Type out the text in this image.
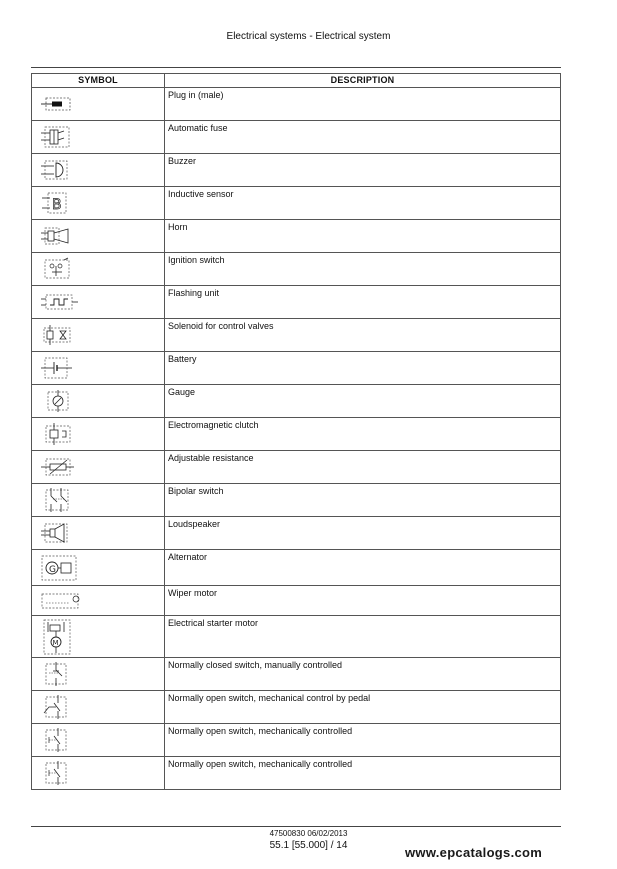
Electrical systems - Electrical system
SYMBOL	DESCRIPTION

	Plug in (male)

	Automatic fuse

	Buzzer

B	Inductive sensor

	Horn

	Ignition switch

	Flashing unit

	Solenoid for control valves

	Battery

	Gauge

	Electromagnetic clutch

	Adjustable resistance

	Bipolar switch

	Loudspeaker

G	Alternator

	Wiper motor

M	Electrical starter motor

	Normally closed switch, manually controlled

	Normally open switch, mechanical control by pedal

	Normally open switch, mechanically controlled

	Normally open switch, mechanically controlled
47500830 06/02/2013
55.1 [55.000] / 14	www.epcatalogs.com
